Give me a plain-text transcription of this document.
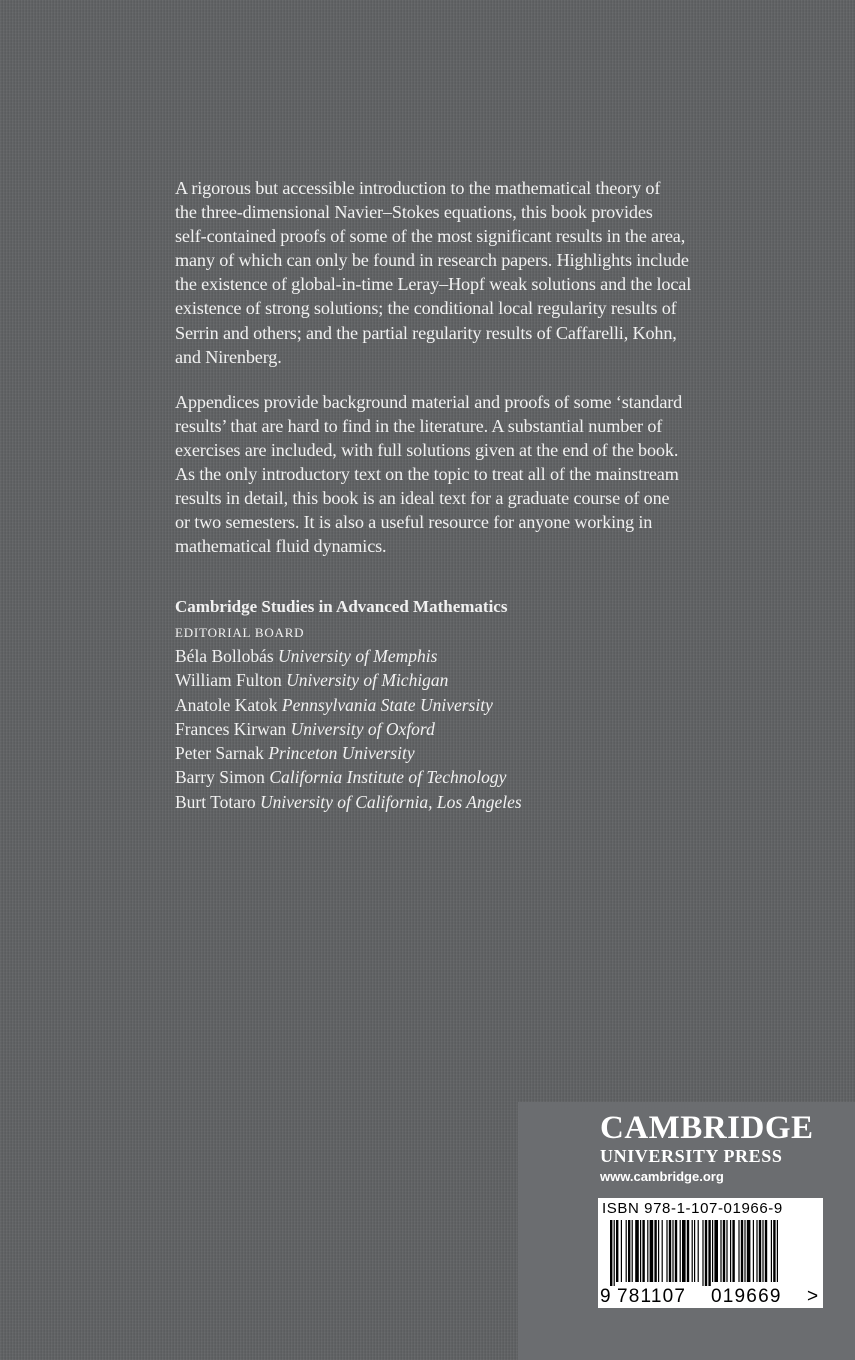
A rigorous but accessible introduction to the mathematical theory of
the three-dimensional Navier–Stokes equations, this book provides
self-contained proofs of some of the most significant results in the area,
many of which can only be found in research papers. Highlights include
the existence of global-in-time Leray–Hopf weak solutions and the local
existence of strong solutions; the conditional local regularity results of
Serrin and others; and the partial regularity results of Caffarelli, Kohn,
and Nirenberg.

Appendices provide background material and proofs of some ‘standard
results’ that are hard to find in the literature. A substantial number of
exercises are included, with full solutions given at the end of the book.
As the only introductory text on the topic to treat all of the mainstream
results in detail, this book is an ideal text for a graduate course of one
or two semesters. It is also a useful resource for anyone working in
mathematical fluid dynamics.

Cambridge Studies in Advanced Mathematics
EDITORIAL BOARD
Béla Bollobás University of Memphis
William Fulton University of Michigan
Anatole Katok Pennsylvania State University
Frances Kirwan University of Oxford
Peter Sarnak Princeton University
Barry Simon California Institute of Technology
Burt Totaro University of California, Los Angeles
CAMBRIDGE
UNIVERSITY PRESS
www.cambridge.org
9 781107 019669 >
ISBN 978-1-107-01966-9
